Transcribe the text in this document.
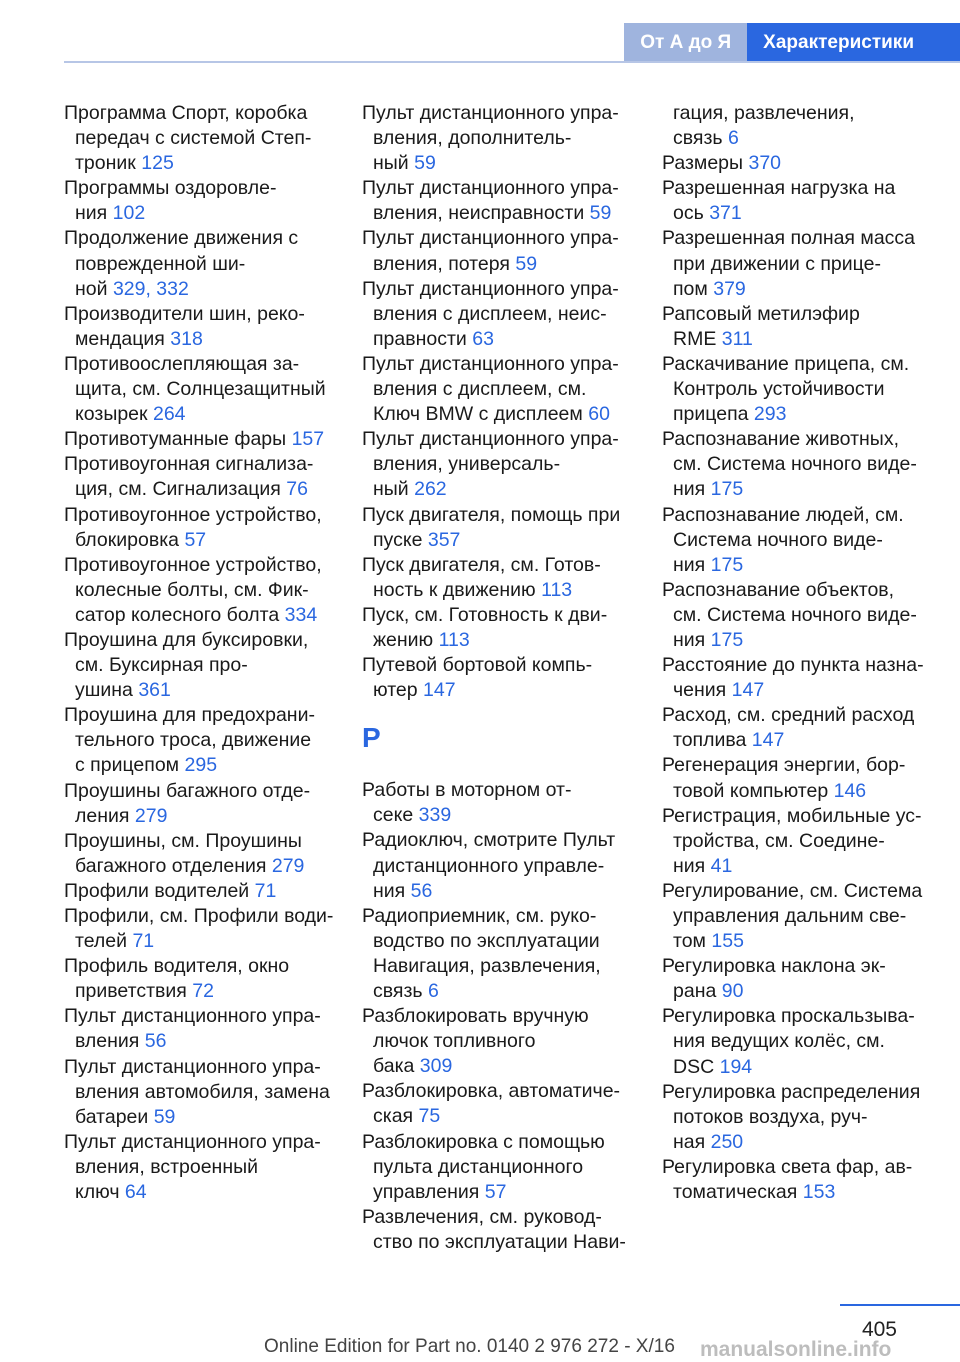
От А до Я	Характеристики
Программа Спорт, коробка
передач с системой Степ-
троник 125
Программы оздоровле-
ния 102
Продолжение движения с
поврежденной ши-
ной 329, 332
Производители шин, реко-
мендация 318
Противоослепляющая за-
щита, см. Солнцезащитный
козырек 264
Противотуманные фары 157
Противоугонная сигнализа-
ция, см. Сигнализация 76
Противоугонное устройство,
блокировка 57
Противоугонное устройство,
колесные болты, см. Фик-
сатор колесного болта 334
Проушина для буксировки,
см. Буксирная про-
ушина 361
Проушина для предохрани-
тельного троса, движение
с прицепом 295
Проушины багажного отде-
ления 279
Проушины, см. Проушины
багажного отделения 279
Профили водителей 71
Профили, см. Профили води-
телей 71
Профиль водителя, окно
приветствия 72
Пульт дистанционного упра-
вления 56
Пульт дистанционного упра-
вления автомобиля, замена
батареи 59
Пульт дистанционного упра-
вления, встроенный
ключ 64
Пульт дистанционного упра-
вления, дополнитель-
ный 59
Пульт дистанционного упра-
вления, неисправности 59
Пульт дистанционного упра-
вления, потеря 59
Пульт дистанционного упра-
вления с дисплеем, неис-
правности 63
Пульт дистанционного упра-
вления с дисплеем, см.
Ключ BMW с дисплеем 60
Пульт дистанционного упра-
вления, универсаль-
ный 262
Пуск двигателя, помощь при
пуске 357
Пуск двигателя, см. Готов-
ность к движению 113
Пуск, см. Готовность к дви-
жению 113
Путевой бортовой компь-
ютер 147
Р
Работы в моторном от-
секе 339
Радиоключ, смотрите Пульт
дистанционного управле-
ния 56
Радиоприемник, см. руко-
водство по эксплуатации
Навигация, развлечения,
связь 6
Разблокировать вручную
лючок топливного
бака 309
Разблокировка, автоматиче-
ская 75
Разблокировка с помощью
пульта дистанционного
управления 57
Развлечения, см. руковод-
ство по эксплуатации Нави-
гация, развлечения,
связь 6
Размеры 370
Разрешенная нагрузка на
ось 371
Разрешенная полная масса
при движении с прице-
пом 379
Рапсовый метилэфир
RME 311
Раскачивание прицепа, см.
Контроль устойчивости
прицепа 293
Распознавание животных,
см. Система ночного виде-
ния 175
Распознавание людей, см.
Система ночного виде-
ния 175
Распознавание объектов,
см. Система ночного виде-
ния 175
Расстояние до пункта назна-
чения 147
Расход, см. средний расход
топлива 147
Регенерация энергии, бор-
товой компьютер 146
Регистрация, мобильные ус-
тройства, см. Соедине-
ния 41
Регулирование, см. Система
управления дальним све-
том 155
Регулировка наклона эк-
рана 90
Регулировка проскальзыва-
ния ведущих колёс, см.
DSC 194
Регулировка распределения
потоков воздуха, руч-
ная 250
Регулировка света фар, ав-
томатическая 153
405
Online Edition for Part no. 0140 2 976 272 - X/16 manualsonline.info
